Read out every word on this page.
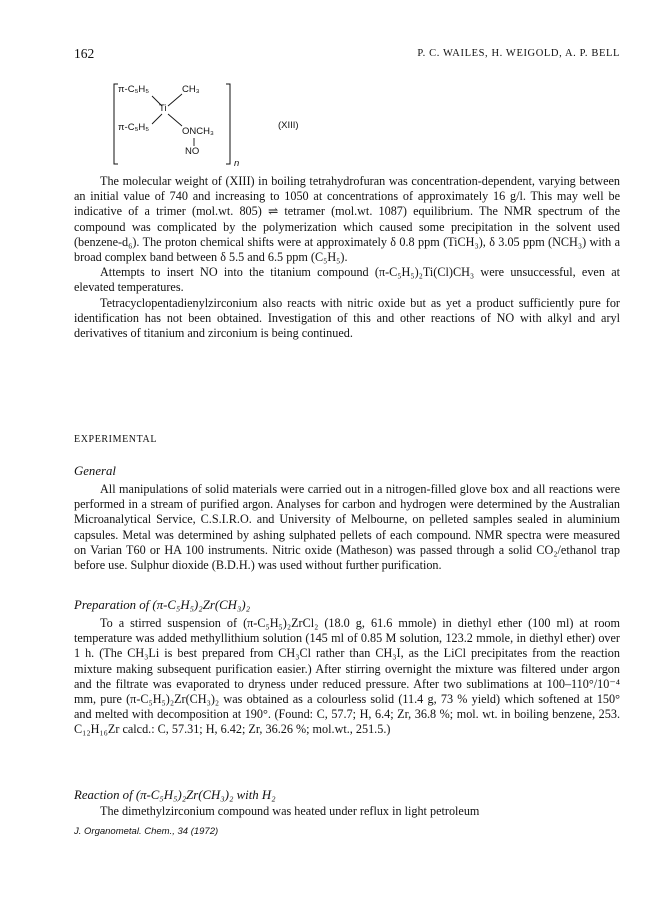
162	P. C. WAILES, H. WEIGOLD, A. P. BELL
π-C₅H₅	CH₃
Ti
π-C₅H₅	ONCH₃
NO
n
(XIII)

The molecular weight of (XIII) in boiling tetrahydrofuran was concentration-dependent, varying between an initial value of 740 and increasing to 1050 at concentrations of approximately 16 g/l. This may well be indicative of a trimer (mol.wt. 805) ⇌ tetramer (mol.wt. 1087) equilibrium. The NMR spectrum of the compound was complicated by the polymerization which caused some precipitation in the solvent used (benzene-d₆). The proton chemical shifts were at approximately δ 0.8 ppm (TiCH₃), δ 3.05 ppm (NCH₃) with a broad complex band between δ 5.5 and 6.5 ppm (C₅H₅).

Attempts to insert NO into the titanium compound (π-C₅H₅)₂Ti(Cl)CH₃ were unsuccessful, even at elevated temperatures.

Tetracyclopentadienylzirconium also reacts with nitric oxide but as yet a product sufficiently pure for identification has not been obtained. Investigation of this and other reactions of NO with alkyl and aryl derivatives of titanium and zirconium is being continued.

EXPERIMENTAL
General

All manipulations of solid materials were carried out in a nitrogen-filled glove box and all reactions were performed in a stream of purified argon. Analyses for carbon and hydrogen were determined by the Australian Microanalytical Service, C.S.I.R.O. and University of Melbourne, on pelleted samples sealed in aluminium capsules. Metal was determined by ashing sulphated pellets of each compound. NMR spectra were measured on Varian T60 or HA 100 instruments. Nitric oxide (Matheson) was passed through a solid CO₂/ethanol trap before use. Sulphur dioxide (B.D.H.) was used without further purification.

Preparation of (π-C₅H₅)₂Zr(CH₃)₂

To a stirred suspension of (π-C₅H₅)₂ZrCl₂ (18.0 g, 61.6 mmole) in diethyl ether (100 ml) at room temperature was added methyllithium solution (145 ml of 0.85 M solution, 123.2 mmole, in diethyl ether) over 1 h. (The CH₃Li is best prepared from CH₃Cl rather than CH₃I, as the LiCl precipitates from the reaction mixture making subsequent purification easier.) After stirring overnight the mixture was filtered under argon and the filtrate was evaporated to dryness under reduced pressure. After two sublimations at 100–110°/10⁻⁴ mm, pure (π-C₅H₅)₂Zr(CH₃)₂ was obtained as a colourless solid (11.4 g, 73 % yield) which softened at 150° and melted with decomposition at 190°. (Found: C, 57.7; H, 6.4; Zr, 36.8 %; mol. wt. in boiling benzene, 253. C₁₂H₁₆Zr calcd.: C, 57.31; H, 6.42; Zr, 36.26 %; mol.wt., 251.5.)

Reaction of (π-C₅H₅)₂Zr(CH₃)₂ with H₂

The dimethylzirconium compound was heated under reflux in light petroleum

J. Organometal. Chem., 34 (1972)
